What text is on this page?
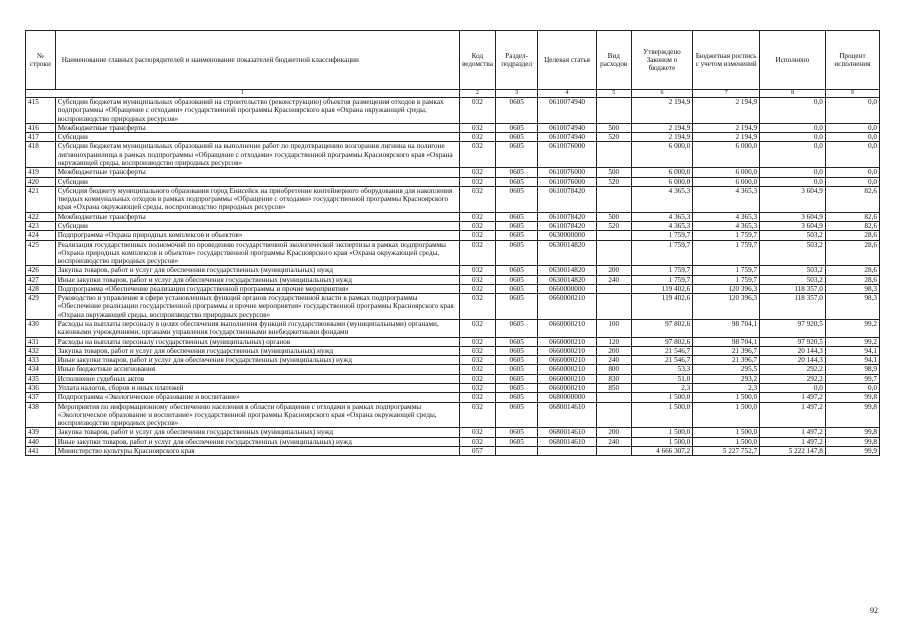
№ строки	Наименование главных распорядителей и наименование показателей бюджетной классификации	Код ведомства	Раздел-подраздел	Целевая статья	Вид расходов	Утверждено Законом о бюджете	Бюджетная роспись с учетом изменений	Исполнено	Процент исполнения
1		2	3	4	5	6	7	8	9
415	Субсидии бюджетам муниципальных образований на строительство (реконструкцию) объектов размещения отходов в рамках подпрограммы «Обращение с отходами» государственной программы Красноярского края «Охрана окружающей среды, воспроизводство природных ресурсов»	032	0605	0610074940		2 194,9	2 194,9	0,0	0,0
416	Межбюджетные трансферты	032	0605	0610074940	500	2 194,9	2 194,9	0,0	0,0
417	Субсидии	032	0605	0610074940	520	2 194,9	2 194,9	0,0	0,0
418	Субсидии бюджетам муниципальных образований на выполнение работ по предотвращению возгорания лигнина на полигоне лигнинохранилища в рамках подпрограммы «Обращение с отходами» государственной программы Красноярского края «Охрана окружающей среды, воспроизводство природных ресурсов»	032	0605	0610076000		6 000,0	6 000,0	0,0	0,0
419	Межбюджетные трансферты	032	0605	0610076000	500	6 000,0	6 000,0	0,0	0,0
420	Субсидии	032	0605	0610076000	520	6 000,0	6 000,0	0,0	0,0
421	Субсидия бюджету муниципального образования город Енисейск на приобретение контейнерного оборудования для накопления твердых коммунальных отходов в рамках подпрограммы «Обращение с отходами» государственной программы Красноярского края «Охрана окружающей среды, воспроизводство природных ресурсов»	032	0605	0610078420		4 365,3	4 365,3	3 604,9	82,6
422	Межбюджетные трансферты	032	0605	0610078420	500	4 365,3	4 365,3	3 604,9	82,6
423	Субсидии	032	0605	0610078420	520	4 365,3	4 365,3	3 604,9	82,6
424	Подпрограмма «Охрана природных комплексов и объектов»	032	0605	0630000000		1 759,7	1 759,7	503,2	28,6
425	Реализация государственных полномочий по проведению государственной экологической экспертизы в рамках подпрограммы «Охрана природных комплексов и объектов» государственной программы Красноярского края «Охрана окружающей среды, воспроизводство природных ресурсов»	032	0605	0630014820		1 759,7	1 759,7	503,2	28,6
426	Закупка товаров, работ и услуг для обеспечения государственных (муниципальных) нужд	032	0605	0630014820	200	1 759,7	1 759,7	503,2	28,6
427	Иные закупки товаров, работ и услуг для обеспечения государственных (муниципальных) нужд	032	0605	0630014820	240	1 759,7	1 759,7	503,2	28,6
428	Подпрограмма «Обеспечение реализации государственной программы и прочие мероприятия»	032	0605	0660000000		119 402,6	120 396,3	118 357,0	98,3
429	Руководство и управление в сфере установленных функций органов государственной власти в рамках подпрограммы «Обеспечение реализации государственной программы и прочие мероприятия» государственной программы Красноярского края «Охрана окружающей среды, воспроизводство природных ресурсов»	032	0605	0660000210		119 402,6	120 396,3	118 357,0	98,3
430	Расходы на выплаты персоналу в целях обеспечения выполнения функций государственными (муниципальными) органами, казенными учреждениями, органами управления государственными внебюджетными фондами	032	0605	0660000210	100	97 802,6	98 704,1	97 920,5	99,2
431	Расходы на выплаты персоналу государственных (муниципальных) органов	032	0605	0660000210	120	97 802,6	98 704,1	97 920,5	99,2
432	Закупка товаров, работ и услуг для обеспечения государственных (муниципальных) нужд	032	0605	0660000210	200	21 546,7	21 396,7	20 144,3	94,1
433	Иные закупки товаров, работ и услуг для обеспечения государственных (муниципальных) нужд	032	0605	0660000210	240	21 546,7	21 396,7	20 144,3	94,1
434	Иные бюджетные ассигнования	032	0605	0660000210	800	53,3	295,5	292,2	98,9
435	Исполнение судебных актов	032	0605	0660000210	830	51,0	293,2	292,2	99,7
436	Уплата налогов, сборов и иных платежей	032	0605	0660000210	850	2,3	2,3	0,0	0,0
437	Подпрограмма «Экологическое образование и воспитание»	032	0605	0680000000		1 500,0	1 500,0	1 497,2	99,8
438	Мероприятия по информационному обеспечению населения в области обращения с отходами в рамках подпрограммы «Экологическое образование и воспитание» государственной программы Красноярского края «Охрана окружающей среды, воспроизводство природных ресурсов»	032	0605	0680014610		1 500,0	1 500,0	1 497,2	99,8
439	Закупка товаров, работ и услуг для обеспечения государственных (муниципальных) нужд	032	0605	0680014610	200	1 500,0	1 500,0	1 497,2	99,8
440	Иные закупки товаров, работ и услуг для обеспечения государственных (муниципальных) нужд	032	0605	0680014610	240	1 500,0	1 500,0	1 497,2	99,8
441	Министерство культуры Красноярского края	057				4 666 307,2	5 227 752,7	5 222 147,8	99,9
92
